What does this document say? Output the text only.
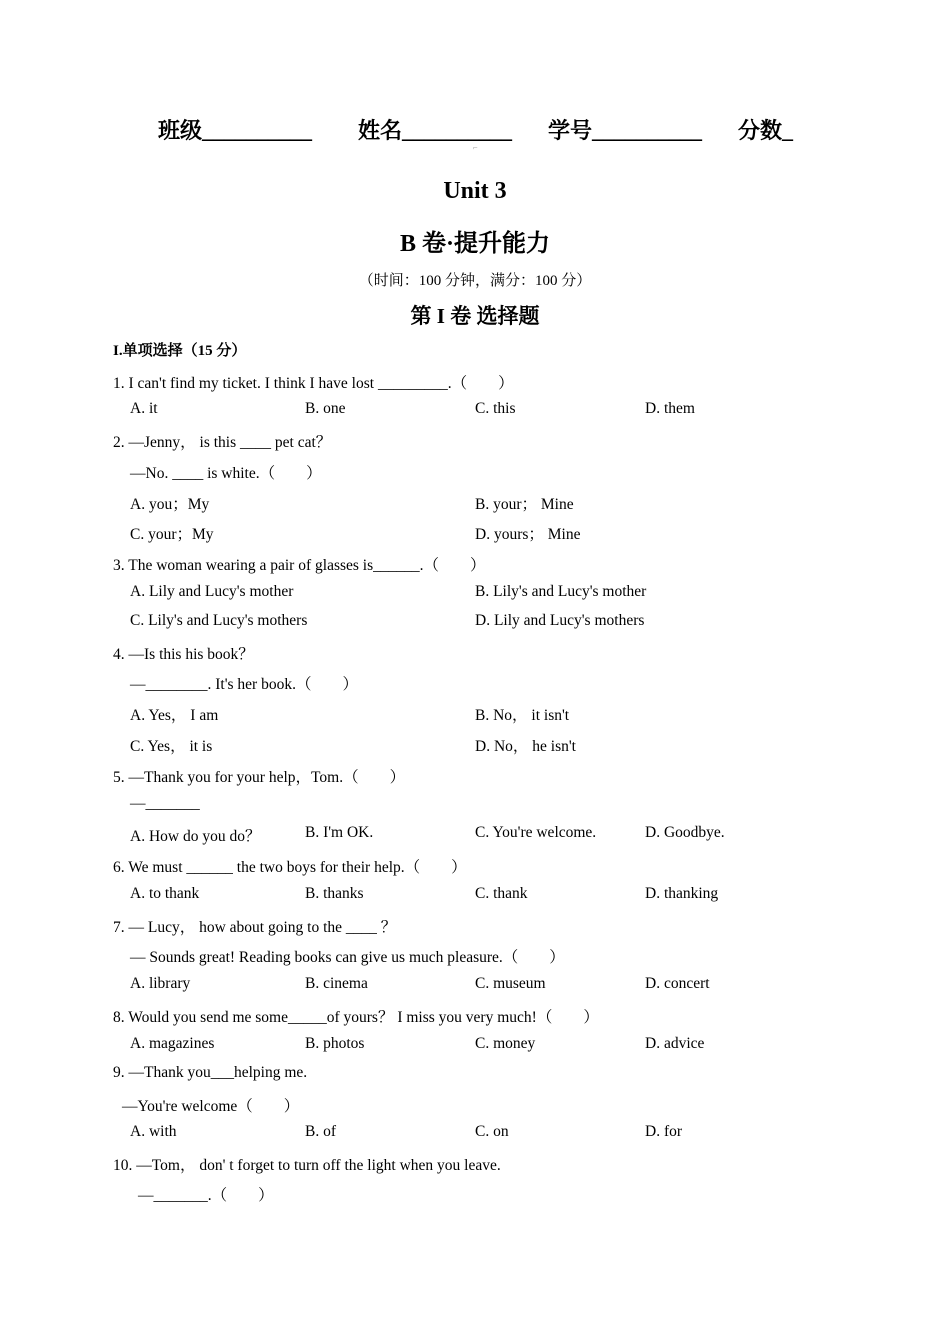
班级__________ 姓名__________ 学号__________ 分数_
⌐
Unit 3
B 卷·提升能力
（时间：100 分钟，满分：100 分）
第 I 卷 选择题
I.单项选择（15 分）
1. I can't find my ticket. I think I have lost _________.（　　）
A. it	B. one	C. this	D. them
2. —Jenny， is this ____ pet cat？
—No. ____ is white.（　　）
A. you；My	B. your； Mine
C. your；My	D. yours； Mine
3. The woman wearing a pair of glasses is______.（　　）
A. Lily and Lucy's mother	B. Lily's and Lucy's mother
C. Lily's and Lucy's mothers	D. Lily and Lucy's mothers
4. —Is this his book？
—________. It's her book.（　　）
A. Yes， I am	B. No， it isn't
C. Yes， it is	D. No， he isn't
5. —Thank you for your help，Tom.（　　）
—_______
A. How do you do？	B. I'm OK.	C. You're welcome.	D. Goodbye.
6. We must ______ the two boys for their help.（　　）
A. to thank	B. thanks	C. thank	D. thanking
7. — Lucy， how about going to the ____ ？
— Sounds great! Reading books can give us much pleasure.（　　）
A. library	B. cinema	C. museum	D. concert
8. Would you send me some_____of yours？ I miss you very much!（　　）
A. magazines	B. photos	C. money	D. advice
9. —Thank you___helping me.
—You're welcome（　　）
A. with	B. of	C. on	D. for
10. —Tom， don' t forget to turn off the light when you leave.
—_______.（　　）
